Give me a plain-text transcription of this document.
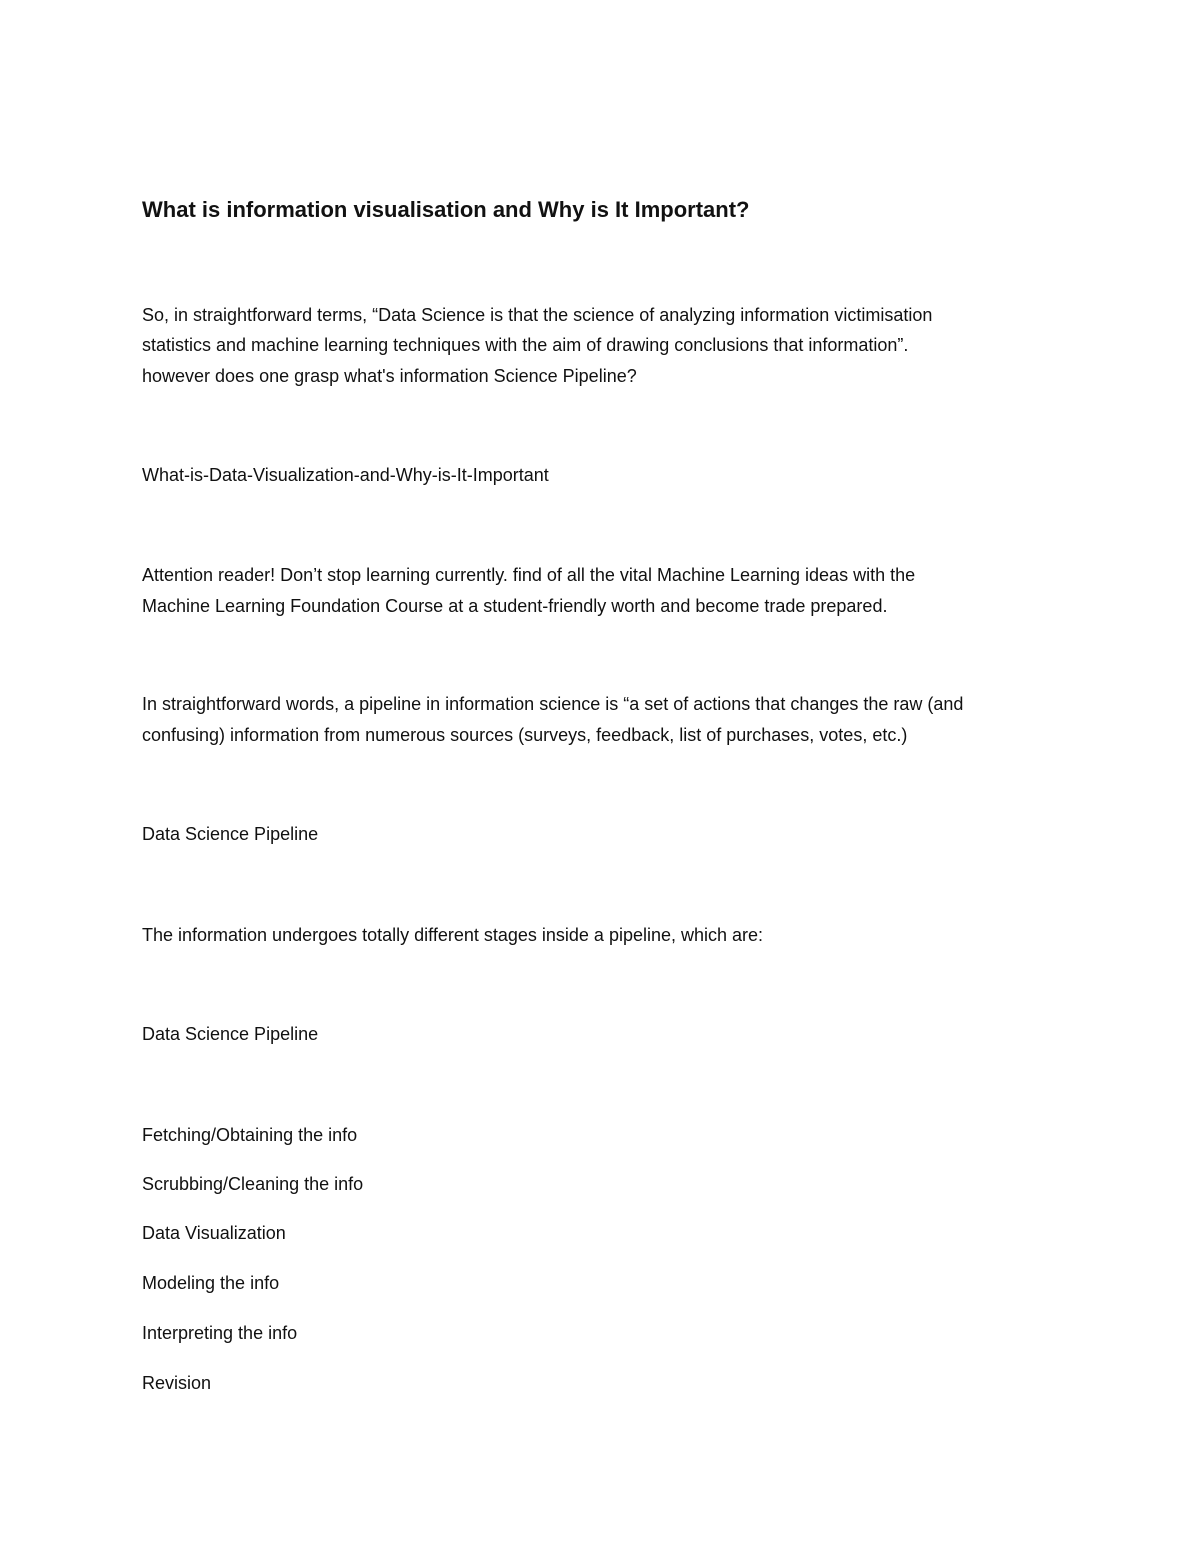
What is information visualisation and Why is It Important?
So, in straightforward terms, “Data Science is that the science of analyzing information victimisation
statistics and machine learning techniques with the aim of drawing conclusions that information”.
however does one grasp what's information Science Pipeline?
What-is-Data-Visualization-and-Why-is-It-Important
Attention reader! Don’t stop learning currently. find of all the vital Machine Learning ideas with the
Machine Learning Foundation Course at a student-friendly worth and become trade prepared.
In straightforward words, a pipeline in information science is “a set of actions that changes the raw (and
confusing) information from numerous sources (surveys, feedback, list of purchases, votes, etc.)
Data Science Pipeline
The information undergoes totally different stages inside a pipeline, which are:
Data Science Pipeline
Fetching/Obtaining the info
Scrubbing/Cleaning the info
Data Visualization
Modeling the info
Interpreting the info
Revision
